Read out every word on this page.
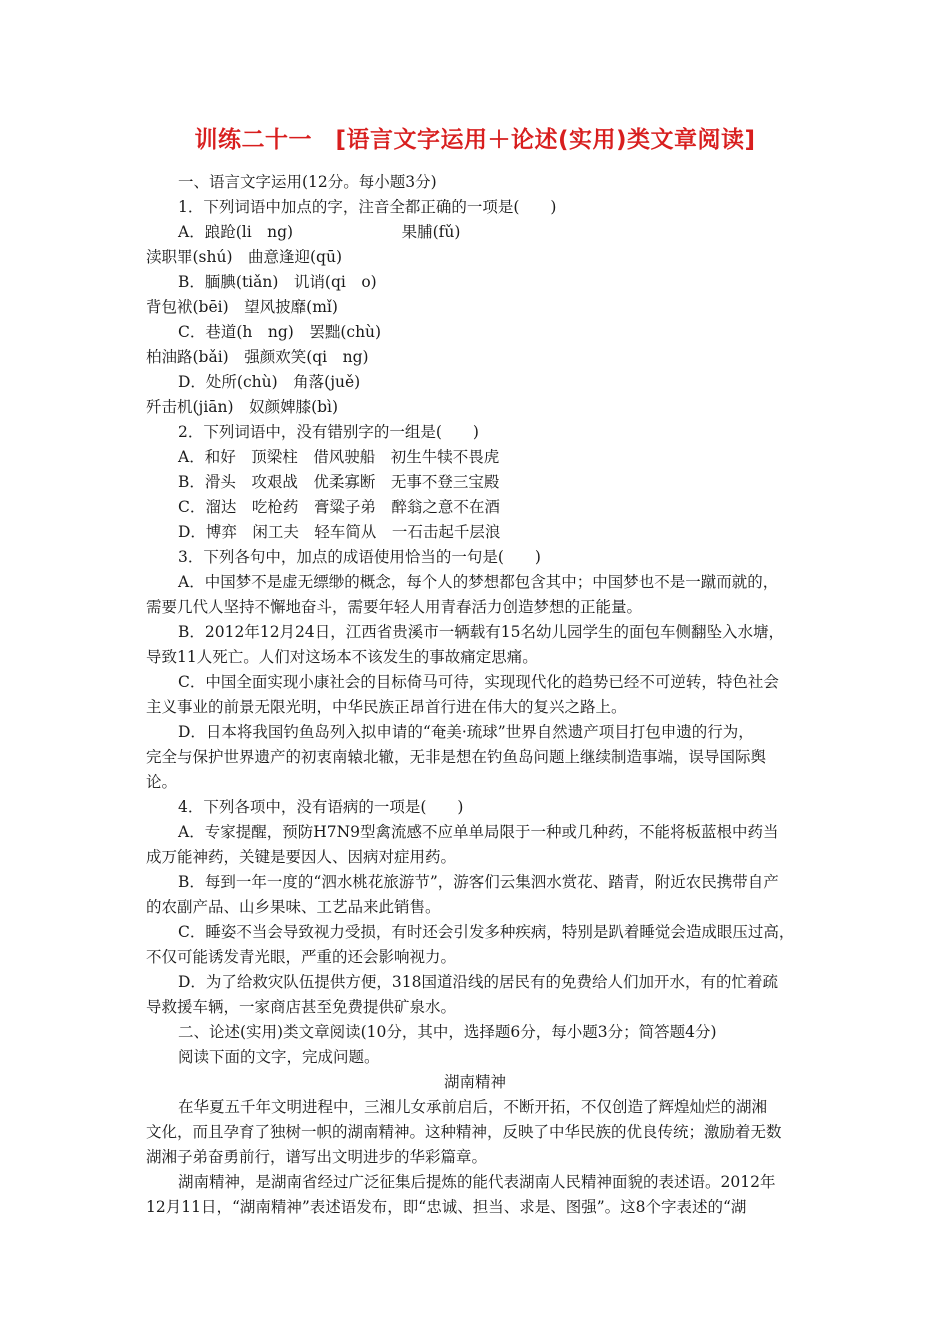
训练二十一　[语言文字运用＋论述(实用)类文章阅读]
一、语言文字运用(12分。每小题3分)
1．下列词语中加点的字，注音全都正确的一项是(　　)
A．踉跄(li　ng)　　　　　　　果脯(fǔ)
渎职罪(shú)　曲意逢迎(qū)
B．腼腆(tiǎn)　讥诮(qi　o)
背包袱(bēi)　望风披靡(mǐ)
C．巷道(h　ng)　罢黜(chù)
柏油路(bǎi)　强颜欢笑(qi　ng)
D．处所(chù)　角落(juě)
歼击机(jiān)　奴颜婢膝(bì)
2．下列词语中，没有错别字的一组是(　　)
A．和好　顶梁柱　借风驶船　初生牛犊不畏虎
B．滑头　攻艰战　优柔寡断　无事不登三宝殿
C．溜达　吃枪药　膏粱子弟　醉翁之意不在酒
D．博弈　闲工夫　轻车简从　一石击起千层浪
3．下列各句中，加点的成语使用恰当的一句是(　　)
A．中国梦不是虚无缥缈的概念，每个人的梦想都包含其中；中国梦也不是一蹴而就的，
需要几代人坚持不懈地奋斗，需要年轻人用青春活力创造梦想的正能量。
B．2012年12月24日，江西省贵溪市一辆载有15名幼儿园学生的面包车侧翻坠入水塘，
导致11人死亡。人们对这场本不该发生的事故痛定思痛。
C．中国全面实现小康社会的目标倚马可待，实现现代化的趋势已经不可逆转，特色社会
主义事业的前景无限光明，中华民族正昂首行进在伟大的复兴之路上。
D．日本将我国钓鱼岛列入拟申请的“奄美·琉球”世界自然遗产项目打包申遗的行为，
完全与保护世界遗产的初衷南辕北辙，无非是想在钓鱼岛问题上继续制造事端，误导国际舆
论。
4．下列各项中，没有语病的一项是(　　)
A．专家提醒，预防H7N9型禽流感不应单单局限于一种或几种药，不能将板蓝根中药当
成万能神药，关键是要因人、因病对症用药。
B．每到一年一度的“泗水桃花旅游节”，游客们云集泗水赏花、踏青，附近农民携带自产
的农副产品、山乡果味、工艺品来此销售。
C．睡姿不当会导致视力受损，有时还会引发多种疾病，特别是趴着睡觉会造成眼压过高，
不仅可能诱发青光眼，严重的还会影响视力。
D．为了给救灾队伍提供方便，318国道沿线的居民有的免费给人们加开水，有的忙着疏
导救援车辆，一家商店甚至免费提供矿泉水。
二、论述(实用)类文章阅读(10分，其中，选择题6分，每小题3分；简答题4分)
阅读下面的文字，完成问题。
湖南精神
在华夏五千年文明进程中，三湘儿女承前启后，不断开拓，不仅创造了辉煌灿烂的湖湘
文化，而且孕育了独树一帜的湖南精神。这种精神，反映了中华民族的优良传统；激励着无数
湖湘子弟奋勇前行，谱写出文明进步的华彩篇章。
湖南精神，是湖南省经过广泛征集后提炼的能代表湖南人民精神面貌的表述语。2012年
12月11日，“湖南精神”表述语发布，即“忠诚、担当、求是、图强”。这8个字表述的“湖
